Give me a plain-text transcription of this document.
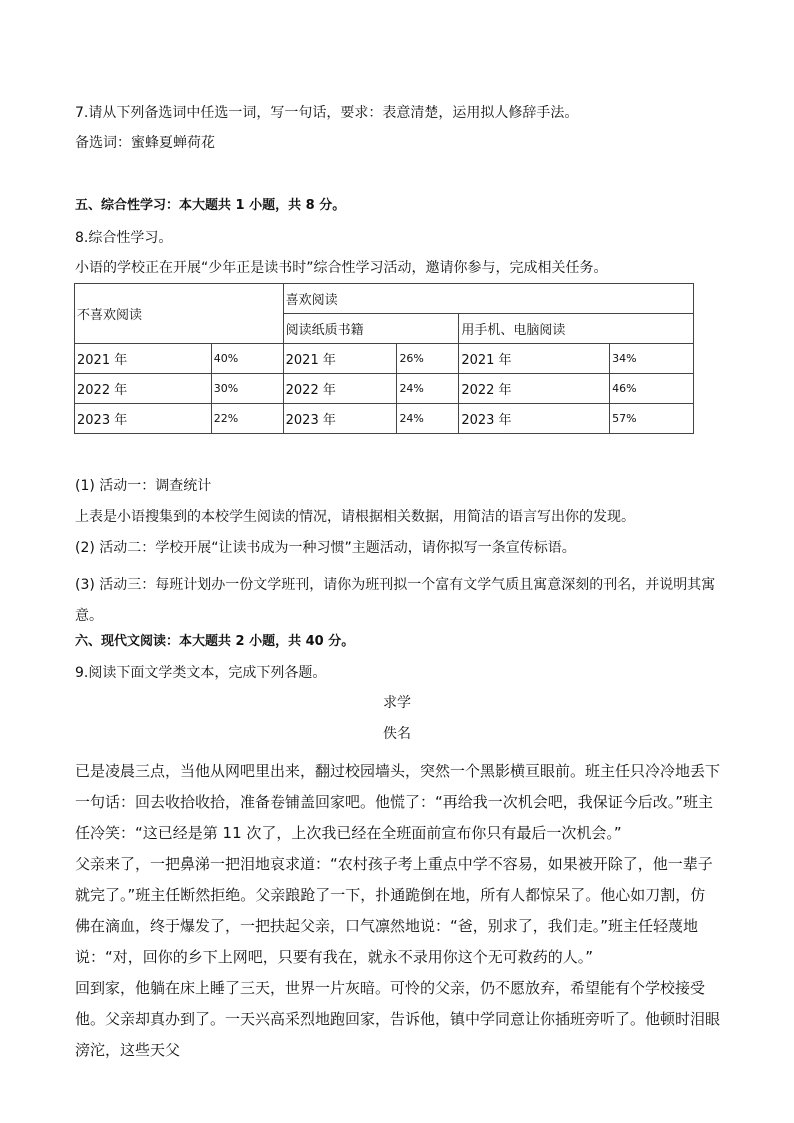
7.请从下列备选词中任选一词，写一句话，要求：表意清楚，运用拟人修辞手法。

备选词：蜜蜂夏蝉荷花

五、综合性学习：本大题共 1 小题，共 8 分。

8.综合性学习。

小语的学校正在开展“少年正是读书时”综合性学习活动，邀请你参与，完成相关任务。

不喜欢阅读		喜欢阅读			
		阅读纸质书籍		用手机、电脑阅读	
2021 年	40%	2021 年	26%	2021 年	34%
2022 年	30%	2022 年	24%	2022 年	46%
2023 年	22%	2023 年	24%	2023 年	57%

(1) 活动一：调查统计

上表是小语搜集到的本校学生阅读的情况，请根据相关数据，用简洁的语言写出你的发现。

(2) 活动二：学校开展“让读书成为一种习惯”主题活动，请你拟写一条宣传标语。

(3) 活动三：每班计划办一份文学班刊，请你为班刊拟一个富有文学气质且寓意深刻的刊名，并说明其寓意。

六、现代文阅读：本大题共 2 小题，共 40 分。

9.阅读下面文学类文本，完成下列各题。

求学

佚名

已是凌晨三点，当他从网吧里出来，翻过校园墙头，突然一个黑影横亘眼前。班主任只冷冷地丢下一句话：回去收拾收拾，准备卷铺盖回家吧。他慌了：“再给我一次机会吧，我保证今后改。”班主任冷笑：“这已经是第 11 次了，上次我已经在全班面前宣布你只有最后一次机会。”

父亲来了，一把鼻涕一把泪地哀求道：“农村孩子考上重点中学不容易，如果被开除了，他一辈子就完了。”班主任断然拒绝。父亲踉跄了一下，扑通跪倒在地，所有人都惊呆了。他心如刀割，仿佛在滴血，终于爆发了，一把扶起父亲，口气凛然地说：“爸，别求了，我们走。”班主任轻蔑地说：“对，回你的乡下上网吧，只要有我在，就永不录用你这个无可救药的人。”

回到家，他躺在床上睡了三天，世界一片灰暗。可怜的父亲，仍不愿放弃，希望能有个学校接受他。父亲却真办到了。一天兴高采烈地跑回家，告诉他，镇中学同意让你插班旁听了。他顿时泪眼滂沱，这些天父
